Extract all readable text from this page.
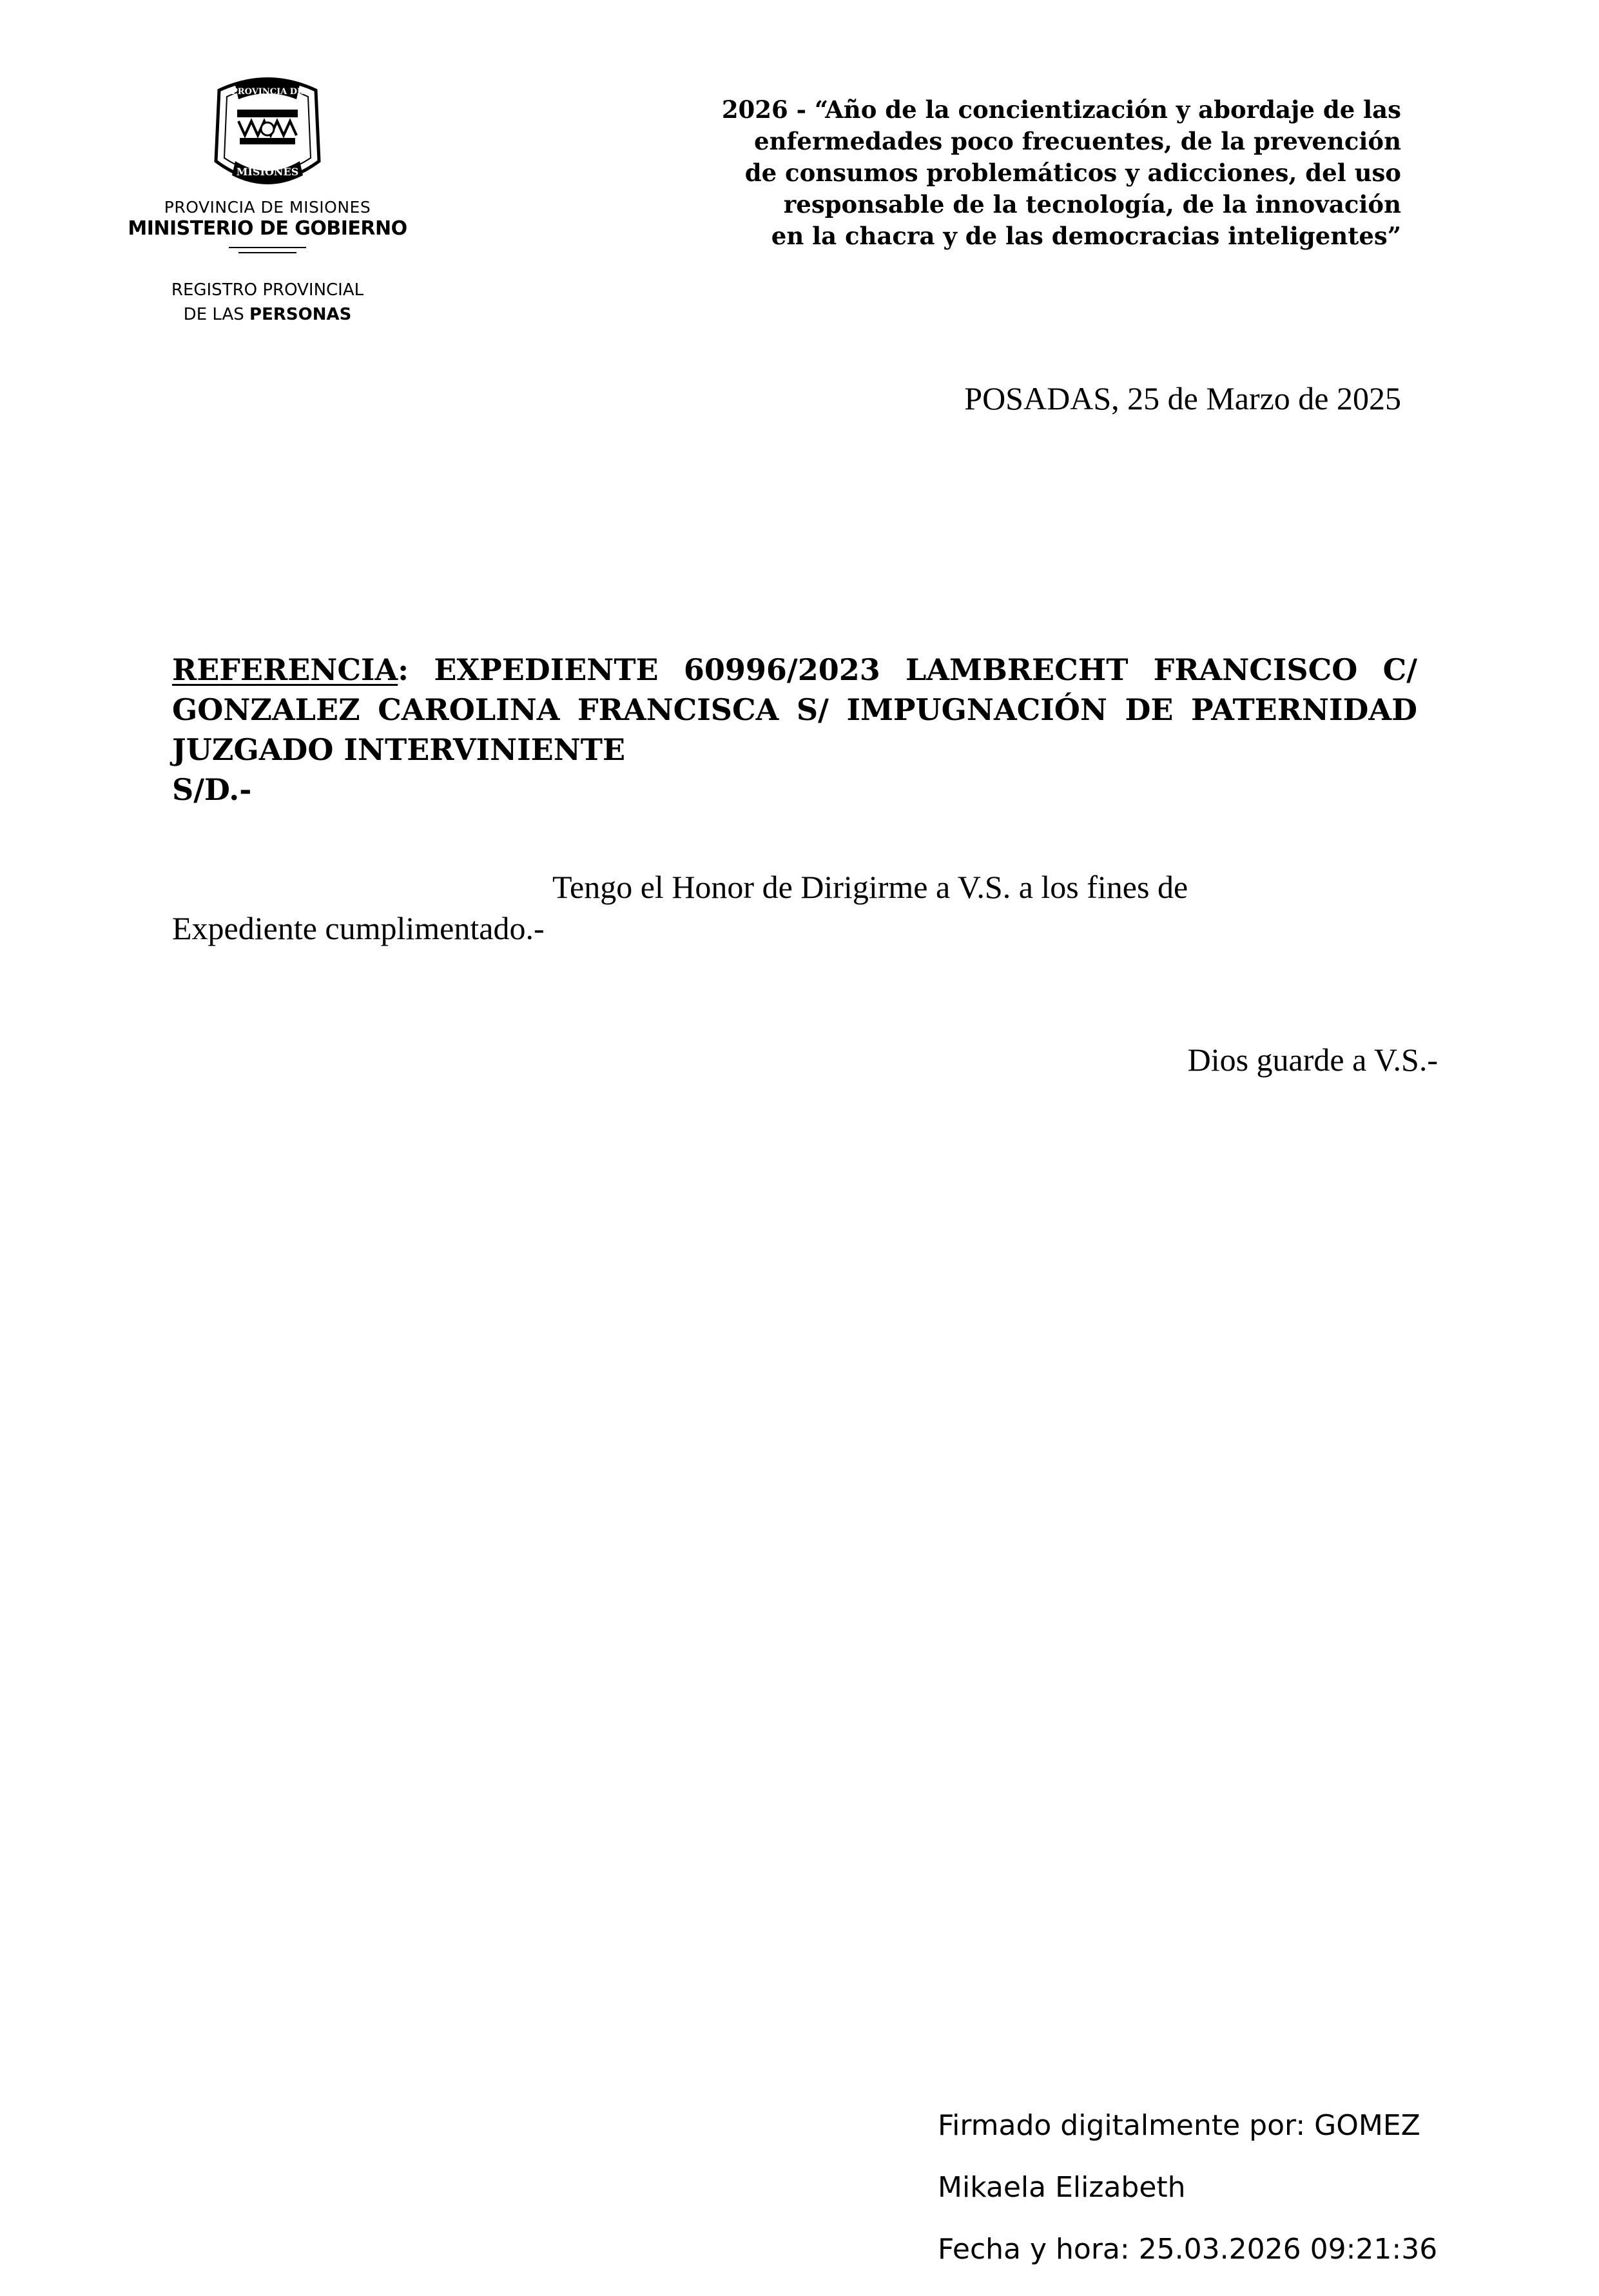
MISIONES
PROVINCIA DE
PROVINCIA DE MISIONES
MINISTERIO DE GOBIERNO
REGISTRO PROVINCIAL
DE LAS PERSONAS
2026 - “Año de la concientización y abordaje de las
enfermedades poco frecuentes, de la prevención
de consumos problemáticos y adicciones, del uso
responsable de la tecnología, de la innovación
en la chacra y de las democracias inteligentes”
POSADAS, 25 de Marzo de 2025
REFERENCIA: EXPEDIENTE 60996/2023 LAMBRECHT FRANCISCO C/
GONZALEZ CAROLINA FRANCISCA S/ IMPUGNACIÓN DE PATERNIDAD
JUZGADO INTERVINIENTE
S/D.-
Tengo el Honor de Dirigirme a V.S. a los fines de
Expediente cumplimentado.-
Dios guarde a V.S.-

Firmado digitalmente por: GOMEZ

Mikaela Elizabeth

Fecha y hora: 25.03.2026 09:21:36
